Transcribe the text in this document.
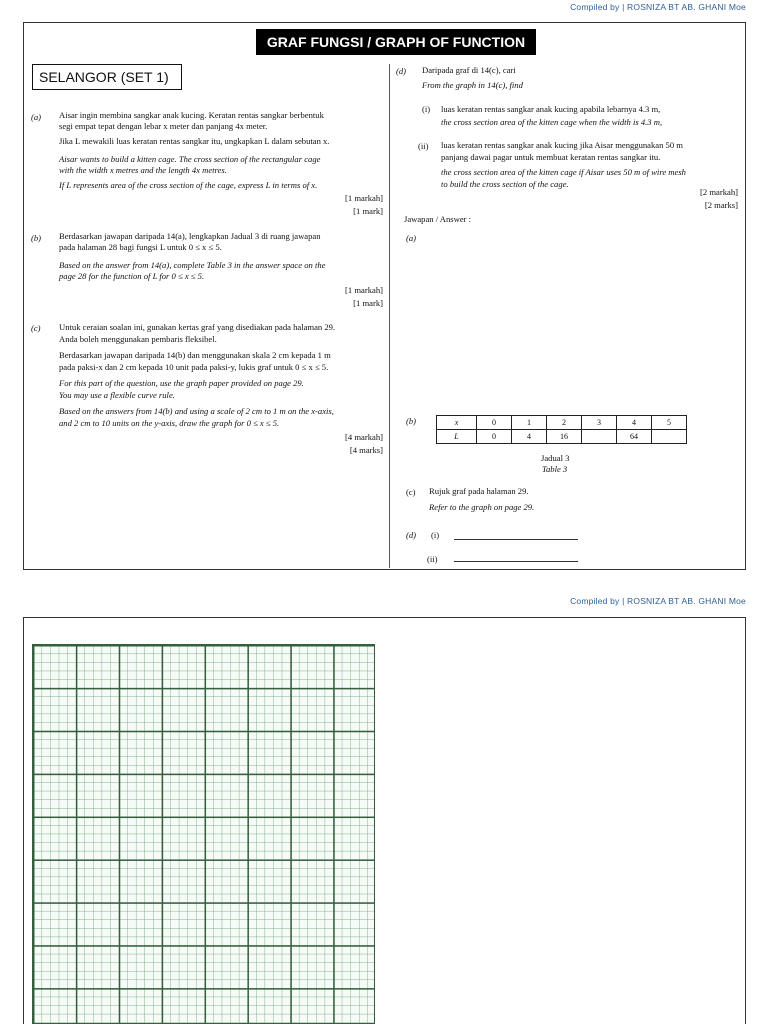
Compiled by | ROSNIZA BT AB. GHANI Moe
GRAF FUNGSI / GRAPH OF FUNCTION
SELANGOR (SET 1)
(a) Aisar ingin membina sangkar anak kucing. Keratan rentas sangkar berbentuk
segi empat tepat dengan lebar x meter dan panjang 4x meter.
Jika L mewakili luas keratan rentas sangkar itu, ungkapkan L dalam sebutan x.
Aisar wants to build a kitten cage. The cross section of the rectangular cage
with the width x metres and the length 4x metres.
If L represents area of the cross section of the cage, express L in terms of x.
[1 markah]
[1 mark]
(b) Berdasarkan jawapan daripada 14(a), lengkapkan Jadual 3 di ruang jawapan
pada halaman 28 bagi fungsi L untuk 0 ≤ x ≤ 5.
Based on the answer from 14(a), complete Table 3 in the answer space on the
page 28 for the function of L for 0 ≤ x ≤ 5.
[1 markah]
[1 mark]
(c) Untuk ceraian soalan ini, gunakan kertas graf yang disediakan pada halaman 29.
Anda boleh menggunakan pembaris fleksibel.
Berdasarkan jawapan daripada 14(b) dan menggunakan skala 2 cm kepada 1 m
pada paksi-x dan 2 cm kepada 10 unit pada paksi-y, lukis graf untuk 0 ≤ x ≤ 5.
For this part of the question, use the graph paper provided on page 29.
You may use a flexible curve rule.
Based on the answers from 14(b) and using a scale of 2 cm to 1 m on the x-axis,
and 2 cm to 10 units on the y-axis, draw the graph for 0 ≤ x ≤ 5.
[4 markah]
[4 marks]
(d) Daripada graf di 14(c), cari
From the graph in 14(c), find
(i) luas keratan rentas sangkar anak kucing apabila lebarnya 4.3 m,
the cross section area of the kitten cage when the width is 4.3 m,
(ii) luas keratan rentas sangkar anak kucing jika Aisar menggunakan 50 m
panjang dawai pagar untuk membuat keratan rentas sangkar itu.
the cross section area of the kitten cage if Aisar uses 50 m of wire mesh
to build the cross section of the cage.
[2 markah]
[2 marks]
Jawapan / Answer :
(a)
(b)	x	0	1	2	3	4	5
L	0	4	16		64	
Jadual 3
Table 3
(c) Rujuk graf pada halaman 29.
Refer to the graph on page 29.
(d) (i)
(ii)
Compiled by | ROSNIZA BT AB. GHANI Moe
